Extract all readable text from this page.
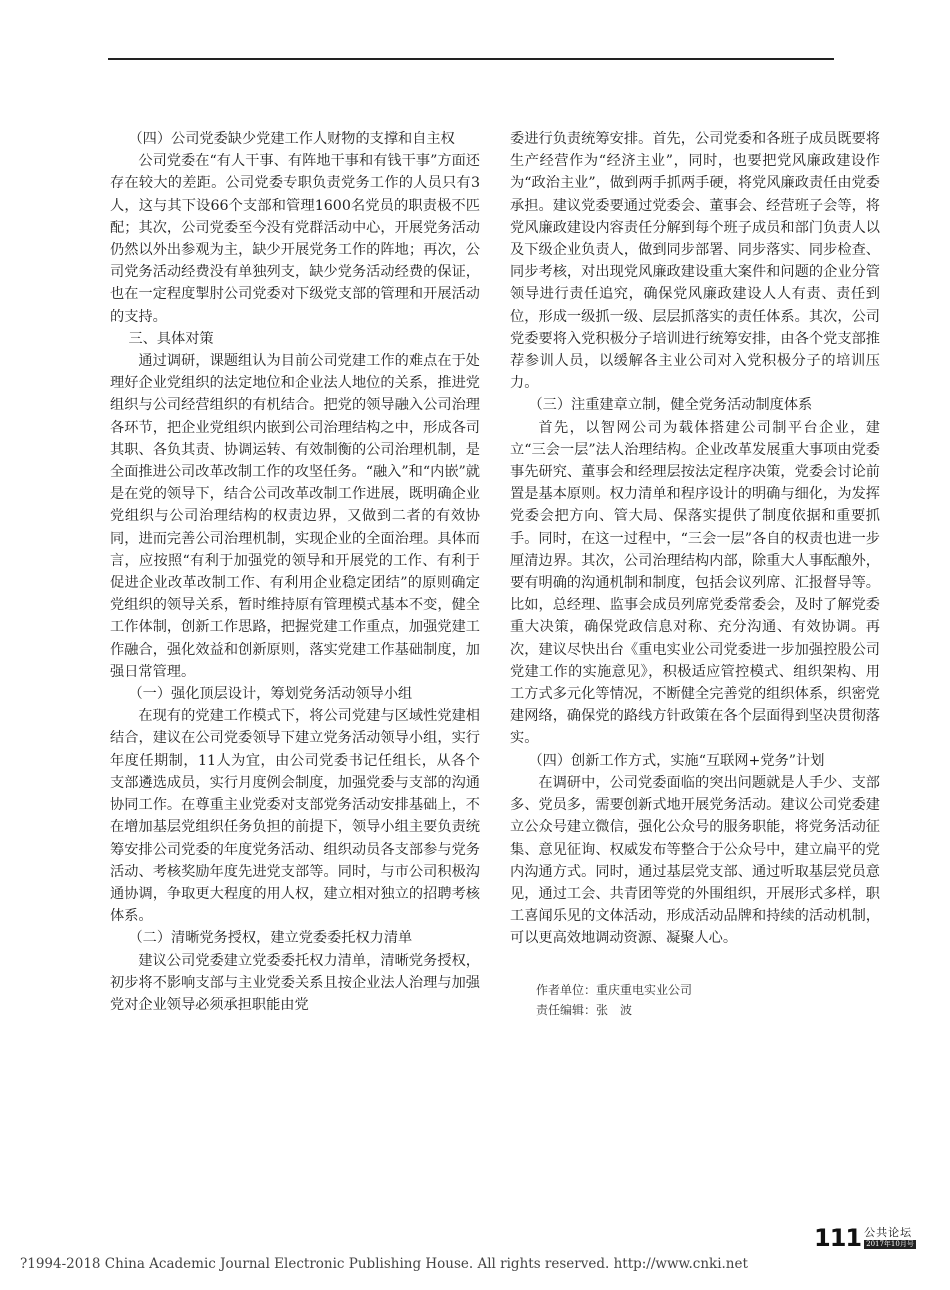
（四）公司党委缺少党建工作人财物的支撑和自主权

公司党委在“有人干事、有阵地干事和有钱干事”方面还存在较大的差距。公司党委专职负责党务工作的人员只有3人，这与其下设66个支部和管理1600名党员的职责极不匹配；其次，公司党委至今没有党群活动中心，开展党务活动仍然以外出参观为主，缺少开展党务工作的阵地；再次，公司党务活动经费没有单独列支，缺少党务活动经费的保证，也在一定程度掣肘公司党委对下级党支部的管理和开展活动的支持。

三、具体对策

通过调研，课题组认为目前公司党建工作的难点在于处理好企业党组织的法定地位和企业法人地位的关系，推进党组织与公司经营组织的有机结合。把党的领导融入公司治理各环节，把企业党组织内嵌到公司治理结构之中，形成各司其职、各负其责、协调运转、有效制衡的公司治理机制，是全面推进公司改革改制工作的攻坚任务。“融入”和“内嵌”就是在党的领导下，结合公司改革改制工作进展，既明确企业党组织与公司治理结构的权责边界，又做到二者的有效协同，进而完善公司治理机制，实现企业的全面治理。具体而言，应按照“有利于加强党的领导和开展党的工作、有利于促进企业改革改制工作、有利用企业稳定团结”的原则确定党组织的领导关系，暂时维持原有管理模式基本不变，健全工作体制，创新工作思路，把握党建工作重点，加强党建工作融合，强化效益和创新原则，落实党建工作基础制度，加强日常管理。

（一）强化顶层设计，筹划党务活动领导小组

在现有的党建工作模式下，将公司党建与区域性党建相结合，建议在公司党委领导下建立党务活动领导小组，实行年度任期制，11人为宜，由公司党委书记任组长，从各个支部遴选成员，实行月度例会制度，加强党委与支部的沟通协同工作。在尊重主业党委对支部党务活动安排基础上，不在增加基层党组织任务负担的前提下，领导小组主要负责统筹安排公司党委的年度党务活动、组织动员各支部参与党务活动、考核奖励年度先进党支部等。同时，与市公司积极沟通协调，争取更大程度的用人权，建立相对独立的招聘考核体系。

（二）清晰党务授权，建立党委委托权力清单

建议公司党委建立党委委托权力清单，清晰党务授权，初步将不影响支部与主业党委关系且按企业法人治理与加强党对企业领导必须承担职能由党

委进行负责统筹安排。首先，公司党委和各班子成员既要将生产经营作为“经济主业”，同时，也要把党风廉政建设作为“政治主业”，做到两手抓两手硬，将党风廉政责任由党委承担。建议党委要通过党委会、董事会、经营班子会等，将党风廉政建设内容责任分解到每个班子成员和部门负责人以及下级企业负责人，做到同步部署、同步落实、同步检查、同步考核，对出现党风廉政建设重大案件和问题的企业分管领导进行责任追究，确保党风廉政建设人人有责、责任到位，形成一级抓一级、层层抓落实的责任体系。其次，公司党委要将入党积极分子培训进行统筹安排，由各个党支部推荐参训人员，以缓解各主业公司对入党积极分子的培训压力。

（三）注重建章立制，健全党务活动制度体系

首先，以智网公司为载体搭建公司制平台企业，建立“三会一层”法人治理结构。企业改革发展重大事项由党委事先研究、董事会和经理层按法定程序决策，党委会讨论前置是基本原则。权力清单和程序设计的明确与细化，为发挥党委会把方向、管大局、保落实提供了制度依据和重要抓手。同时，在这一过程中，“三会一层”各自的权责也进一步厘清边界。其次，公司治理结构内部，除重大人事酝酿外，要有明确的沟通机制和制度，包括会议列席、汇报督导等。比如，总经理、监事会成员列席党委常委会，及时了解党委重大决策，确保党政信息对称、充分沟通、有效协调。再次，建议尽快出台《重电实业公司党委进一步加强控股公司党建工作的实施意见》，积极适应管控模式、组织架构、用工方式多元化等情况，不断健全完善党的组织体系，织密党建网络，确保党的路线方针政策在各个层面得到坚决贯彻落实。

（四）创新工作方式，实施“互联网+党务”计划

在调研中，公司党委面临的突出问题就是人手少、支部多、党员多，需要创新式地开展党务活动。建议公司党委建立公众号建立微信，强化公众号的服务职能，将党务活动征集、意见征询、权威发布等整合于公众号中，建立扁平的党内沟通方式。同时，通过基层党支部、通过听取基层党员意见，通过工会、共青团等党的外围组织，开展形式多样，职工喜闻乐见的文体活动，形成活动品牌和持续的活动机制，可以更高效地调动资源、凝聚人心。

作者单位：重庆重电实业公司
责任编辑：张　波
111 公共论坛
2017年10月号
?1994-2018 China Academic Journal Electronic Publishing House. All rights reserved. http://www.cnki.net
